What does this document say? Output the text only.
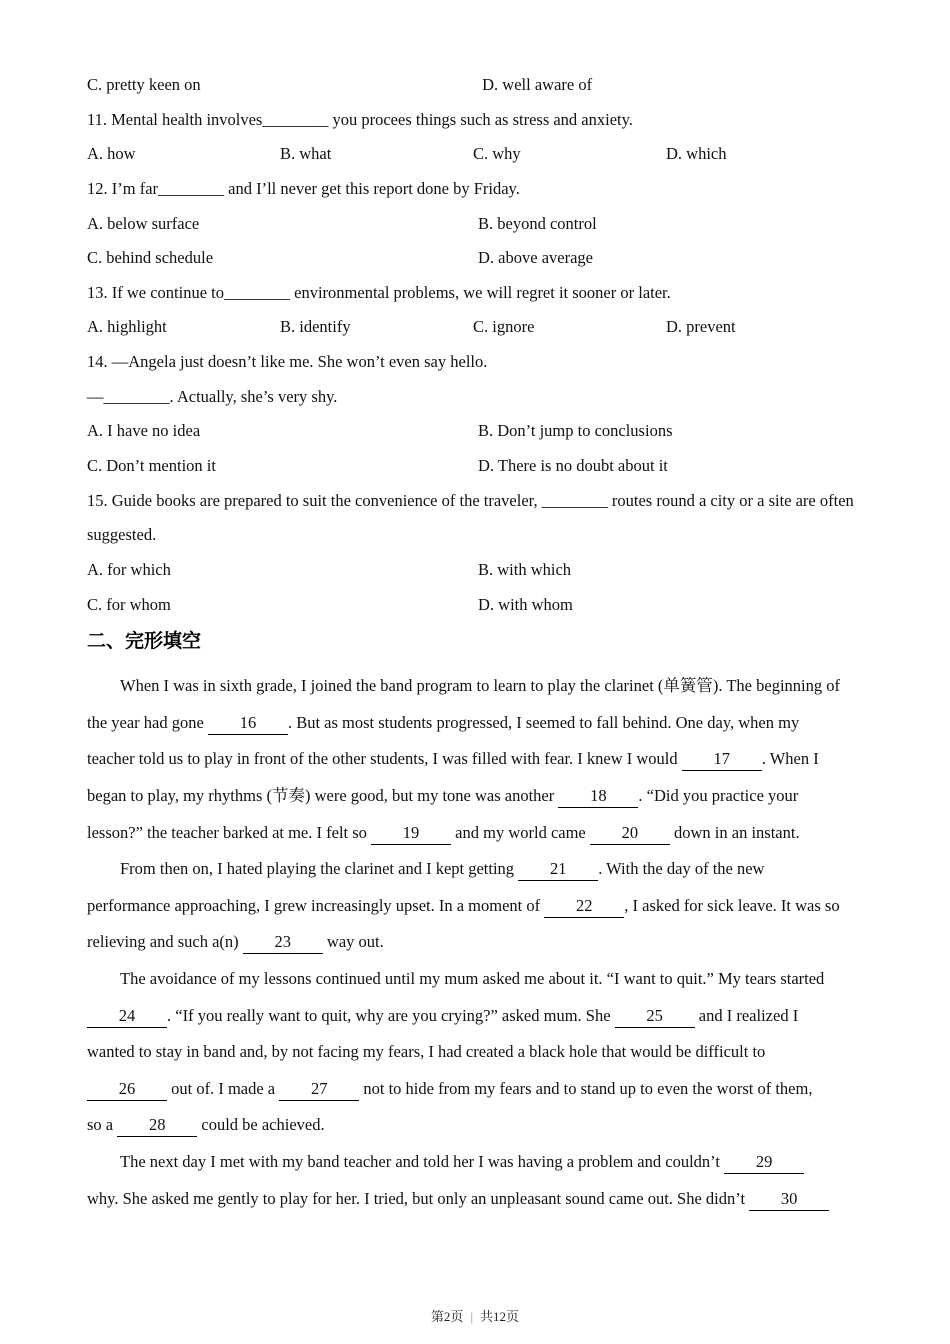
C. pretty keen on	D. well aware of
11. Mental health involves________ you procees things such as stress and anxiety.
A. how	B. what	C. why	D. which
12. I’m far________ and I’ll never get this report done by Friday.
A. below surface	B. beyond control
C. behind schedule	D. above average
13. If we continue to________ environmental problems, we will regret it sooner or later.
A. highlight	B. identify	C. ignore	D. prevent
14. —Angela just doesn’t like me. She won’t even say hello.
—________. Actually, she’s very shy.
A. I have no idea	B. Don’t jump to conclusions
C. Don’t mention it	D. There is no doubt about it
15. Guide books are prepared to suit the convenience of the traveler, ________ routes round a city or a site are often
suggested.
A. for which	B. with which
C. for whom	D. with whom
二、完形填空
When I was in sixth grade, I joined the band program to learn to play the clarinet (单簧管). The beginning of
the year had gone 16 . But as most students progressed, I seemed to fall behind. One day, when my
teacher told us to play in front of the other students, I was filled with fear. I knew I would 17 . When I
began to play, my rhythms (节奏) were good, but my tone was another 18 . “Did you practice your
lesson?” the teacher barked at me. I felt so 19 and my world came 20 down in an instant.
From then on, I hated playing the clarinet and I kept getting 21 . With the day of the new
performance approaching, I grew increasingly upset. In a moment of 22 , I asked for sick leave. It was so
relieving and such a(n) 23 way out.
The avoidance of my lessons continued until my mum asked me about it. “I want to quit.” My tears started
24 . “If you really want to quit, why are you crying?” asked mum. She 25 and I realized I
wanted to stay in band and, by not facing my fears, I had created a black hole that would be difficult to
26 out of. I made a 27 not to hide from my fears and to stand up to even the worst of them,
so a 28 could be achieved.
The next day I met with my band teacher and told her I was having a problem and couldn’t 29
why. She asked me gently to play for her. I tried, but only an unpleasant sound came out. She didn’t 30
第2页 | 共12页
